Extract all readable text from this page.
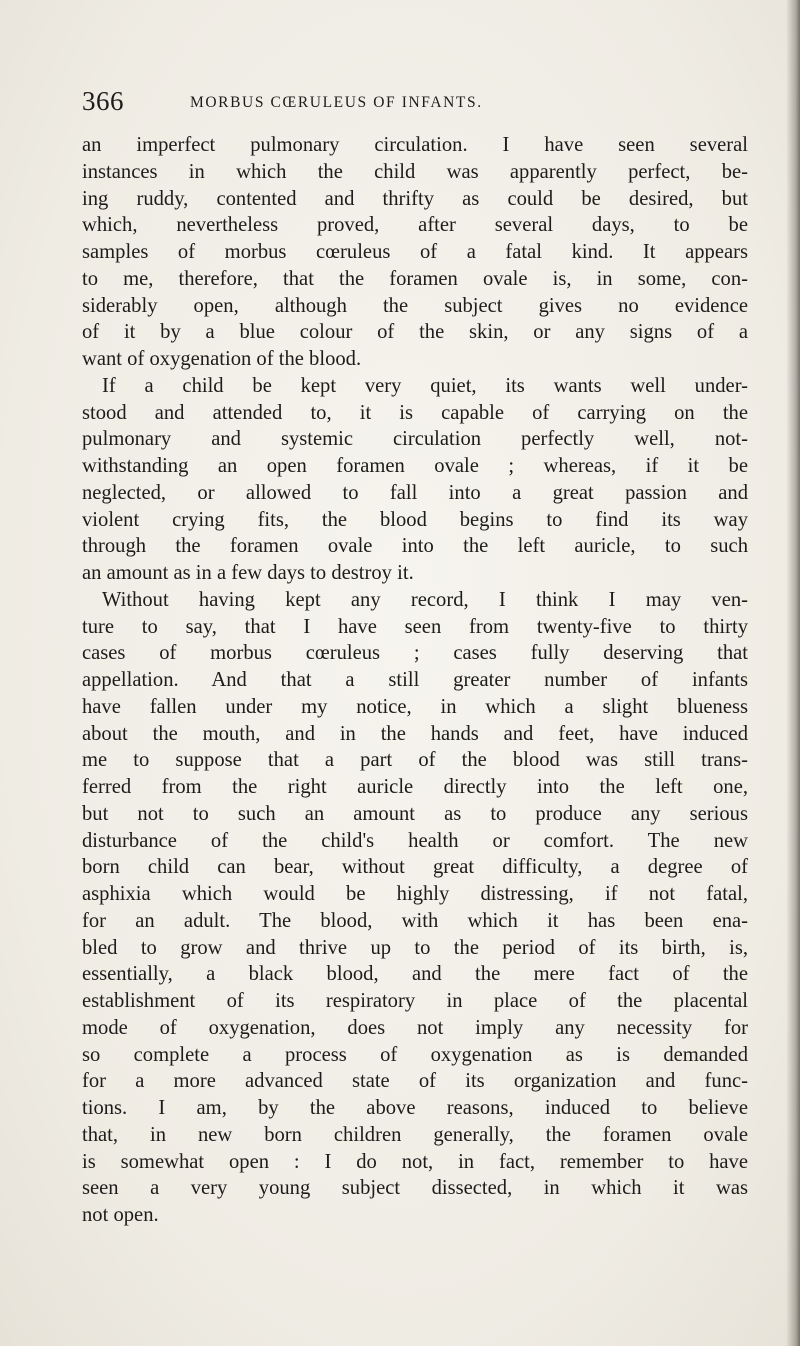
366	MORBUS CŒRULEUS OF INFANTS.
an imperfect pulmonary circulation. I have seen several
instances in which the child was apparently perfect, be-
ing ruddy, contented and thrifty as could be desired, but
which, nevertheless proved, after several days, to be
samples of morbus cœruleus of a fatal kind. It appears
to me, therefore, that the foramen ovale is, in some, con-
siderably open, although the subject gives no evidence
of it by a blue colour of the skin, or any signs of a
want of oxygenation of the blood.
If a child be kept very quiet, its wants well under-
stood and attended to, it is capable of carrying on the
pulmonary and systemic circulation perfectly well, not-
withstanding an open foramen ovale ; whereas, if it be
neglected, or allowed to fall into a great passion and
violent crying fits, the blood begins to find its way
through the foramen ovale into the left auricle, to such
an amount as in a few days to destroy it.
Without having kept any record, I think I may ven-
ture to say, that I have seen from twenty-five to thirty
cases of morbus cœruleus ; cases fully deserving that
appellation. And that a still greater number of infants
have fallen under my notice, in which a slight blueness
about the mouth, and in the hands and feet, have induced
me to suppose that a part of the blood was still trans-
ferred from the right auricle directly into the left one,
but not to such an amount as to produce any serious
disturbance of the child's health or comfort. The new
born child can bear, without great difficulty, a degree of
asphixia which would be highly distressing, if not fatal,
for an adult. The blood, with which it has been ena-
bled to grow and thrive up to the period of its birth, is,
essentially, a black blood, and the mere fact of the
establishment of its respiratory in place of the placental
mode of oxygenation, does not imply any necessity for
so complete a process of oxygenation as is demanded
for a more advanced state of its organization and func-
tions. I am, by the above reasons, induced to believe
that, in new born children generally, the foramen ovale
is somewhat open : I do not, in fact, remember to have
seen a very young subject dissected, in which it was
not open.
